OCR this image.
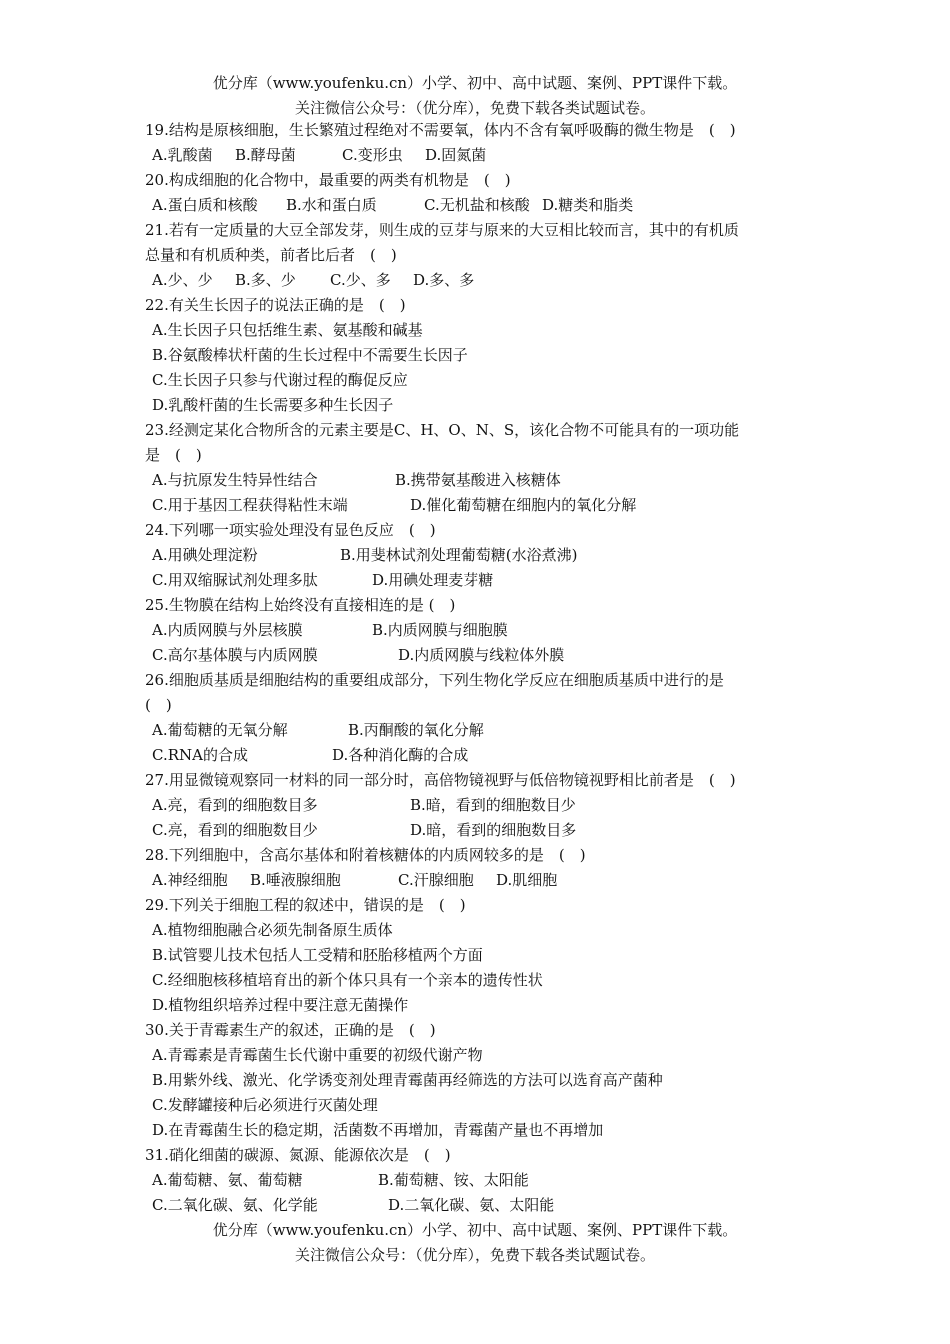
优分库（www.youfenku.cn）小学、初中、高中试题、案例、PPT课件下载。
关注微信公众号：（优分库），免费下载各类试题试卷。
19.结构是原核细胞，生长繁殖过程绝对不需要氧，体内不含有氧呼吸酶的微生物是　(　)
A.乳酸菌	B.酵母菌	C.变形虫	D.固氮菌
20.构成细胞的化合物中，最重要的两类有机物是　(　)
A.蛋白质和核酸	B.水和蛋白质	C.无机盐和核酸 D.糖类和脂类
21.若有一定质量的大豆全部发芽，则生成的豆芽与原来的大豆相比较而言，其中的有机质
总量和有机质种类，前者比后者　(　)
A.少、少	B.多、少	C.少、多	D.多、多
22.有关生长因子的说法正确的是　(　)
A.生长因子只包括维生素、氨基酸和碱基
B.谷氨酸棒状杆菌的生长过程中不需要生长因子
C.生长因子只参与代谢过程的酶促反应
D.乳酸杆菌的生长需要多种生长因子
23.经测定某化合物所含的元素主要是C、H、O、N、S，该化合物不可能具有的一项功能
是　(　)
A.与抗原发生特异性结合	B.携带氨基酸进入核糖体
C.用于基因工程获得粘性末端	D.催化葡萄糖在细胞内的氧化分解
24.下列哪一项实验处理没有显色反应　(　)
A.用碘处理淀粉	B.用斐林试剂处理葡萄糖(水浴煮沸)
C.用双缩脲试剂处理多肽	D.用碘处理麦芽糖
25.生物膜在结构上始终没有直接相连的是 (　)
A.内质网膜与外层核膜	B.内质网膜与细胞膜
C.高尔基体膜与内质网膜	D.内质网膜与线粒体外膜
26.细胞质基质是细胞结构的重要组成部分，下列生物化学反应在细胞质基质中进行的是
(　)
A.葡萄糖的无氧分解	B.丙酮酸的氧化分解
C.RNA的合成	D.各种消化酶的合成
27.用显微镜观察同一材料的同一部分时，高倍物镜视野与低倍物镜视野相比前者是　(　)
A.亮，看到的细胞数目多	B.暗，看到的细胞数目少
C.亮，看到的细胞数目少	D.暗，看到的细胞数目多
28.下列细胞中，含高尔基体和附着核糖体的内质网较多的是　(　)
A.神经细胞	B.唾液腺细胞	C.汗腺细胞	D.肌细胞
29.下列关于细胞工程的叙述中，错误的是　(　)
A.植物细胞融合必须先制备原生质体
B.试管婴儿技术包括人工受精和胚胎移植两个方面
C.经细胞核移植培育出的新个体只具有一个亲本的遗传性状
D.植物组织培养过程中要注意无菌操作
30.关于青霉素生产的叙述，正确的是　(　)
A.青霉素是青霉菌生长代谢中重要的初级代谢产物
B.用紫外线、激光、化学诱变剂处理青霉菌再经筛选的方法可以选育高产菌种
C.发酵罐接种后必须进行灭菌处理
D.在青霉菌生长的稳定期，活菌数不再增加，青霉菌产量也不再增加
31.硝化细菌的碳源、氮源、能源依次是　(　)
A.葡萄糖、氨、葡萄糖	B.葡萄糖、铵、太阳能
C.二氧化碳、氨、化学能	D.二氧化碳、氨、太阳能
优分库（www.youfenku.cn）小学、初中、高中试题、案例、PPT课件下载。
关注微信公众号：（优分库），免费下载各类试题试卷。
